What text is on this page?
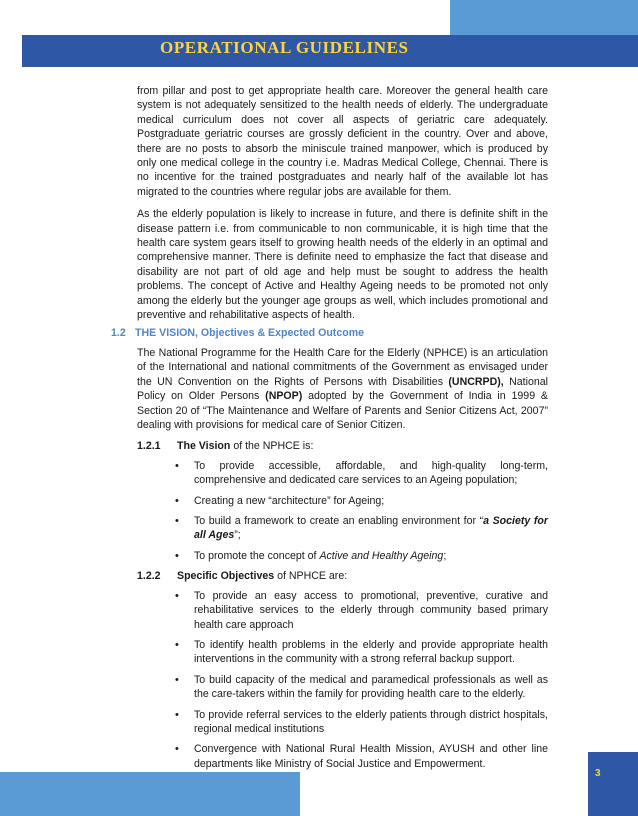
OPERATIONAL GUIDELINES

from pillar and post to get appropriate health care. Moreover the general health care system is not adequately sensitized to the health needs of elderly. The undergraduate medical curriculum does not cover all aspects of geriatric care adequately. Postgraduate geriatric courses are grossly deficient in the country. Over and above, there are no posts to absorb the miniscule trained manpower, which is produced by only one medical college in the country i.e. Madras Medical College, Chennai. There is no incentive for the trained postgraduates and nearly half of the available lot has migrated to the countries where regular jobs are available for them.

As the elderly population is likely to increase in future, and there is definite shift in the disease pattern i.e. from communicable to non communicable, it is high time that the health care system gears itself to growing health needs of the elderly in an optimal and comprehensive manner. There is definite need to emphasize the fact that disease and disability are not part of old age and help must be sought to address the health problems. The concept of Active and Healthy Ageing needs to be promoted not only among the elderly but the younger age groups as well, which includes promotional and preventive and rehabilitative aspects of health.

1.2 THE VISION, Objectives & Expected Outcome

The National Programme for the Health Care for the Elderly (NPHCE) is an articulation of the International and national commitments of the Government as envisaged under the UN Convention on the Rights of Persons with Disabilities (UNCRPD), National Policy on Older Persons (NPOP) adopted by the Government of India in 1999 & Section 20 of “The Maintenance and Welfare of Parents and Senior Citizens Act, 2007” dealing with provisions for medical care of Senior Citizen.

1.2.1 The Vision of the NPHCE is:
• To provide accessible, affordable, and high-quality long-term, comprehensive and dedicated care services to an Ageing population;
• Creating a new “architecture” for Ageing;
• To build a framework to create an enabling environment for “a Society for all Ages”;
• To promote the concept of Active and Healthy Ageing;
1.2.2 Specific Objectives of NPHCE are:
• To provide an easy access to promotional, preventive, curative and rehabilitative services to the elderly through community based primary health care approach
• To identify health problems in the elderly and provide appropriate health interventions in the community with a strong referral backup support.
• To build capacity of the medical and paramedical professionals as well as the care-takers within the family for providing health care to the elderly.
• To provide referral services to the elderly patients through district hospitals, regional medical institutions
• Convergence with National Rural Health Mission, AYUSH and other line departments like Ministry of Social Justice and Empowerment.
3
